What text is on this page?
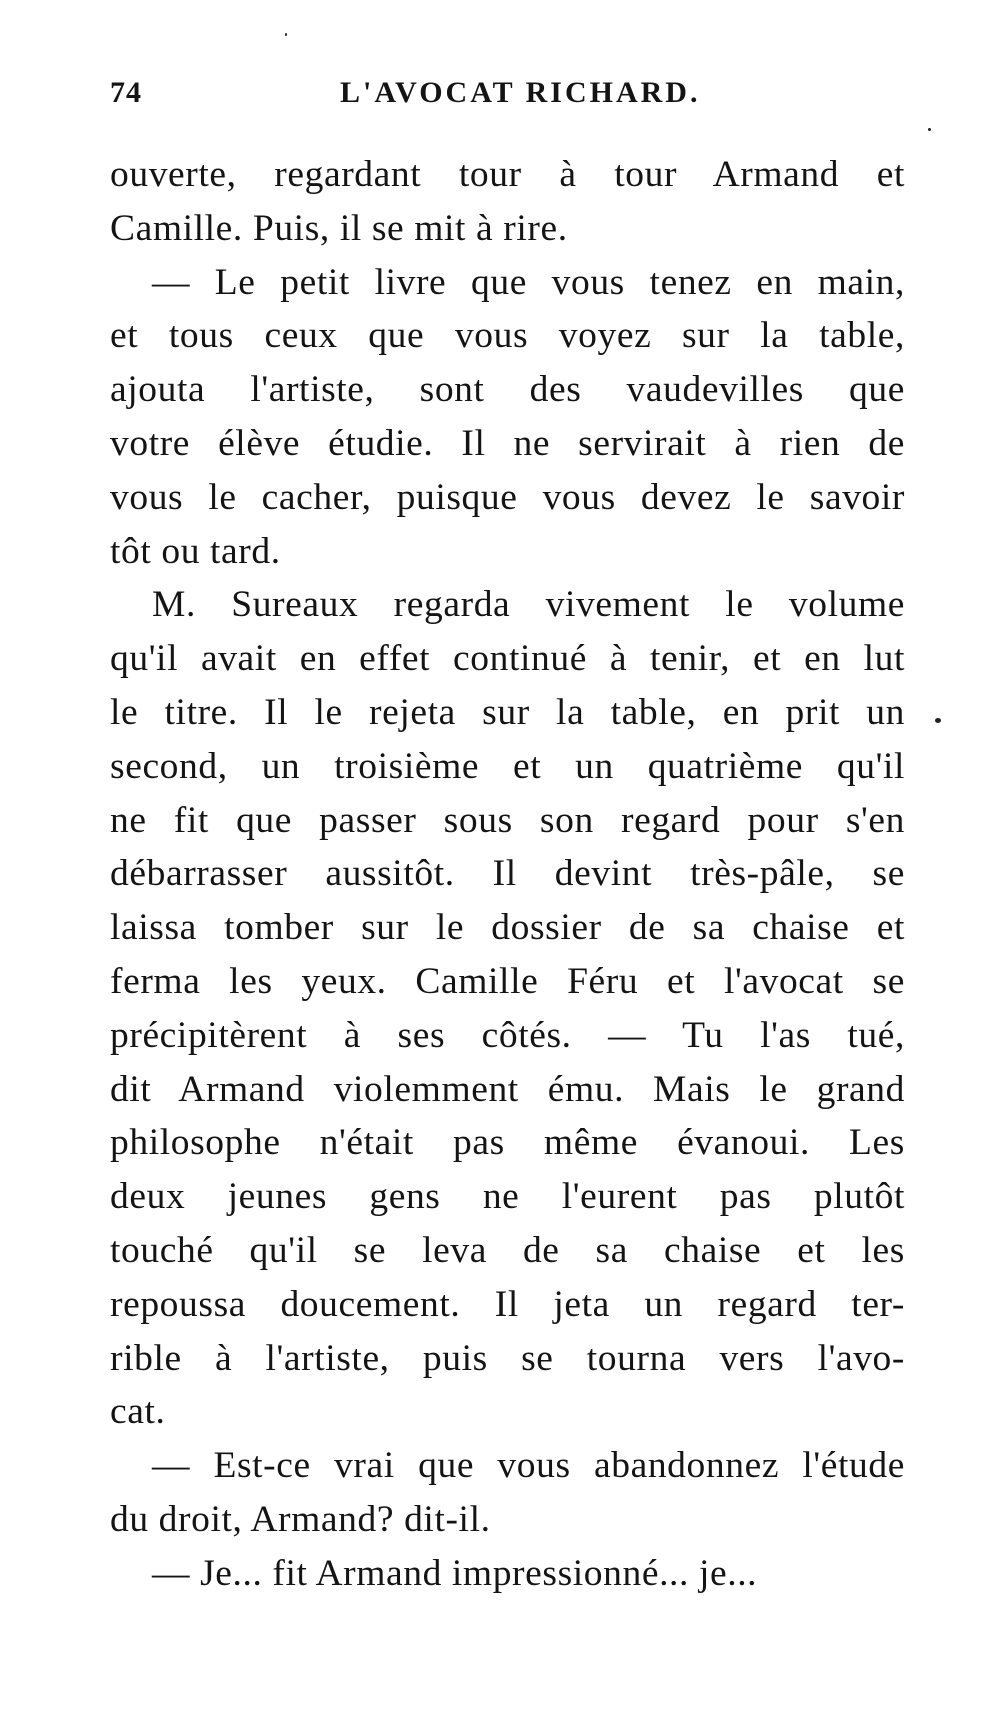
74	L'AVOCAT RICHARD.
ouverte, regardant tour à tour Armand et
Camille. Puis, il se mit à rire.
— Le petit livre que vous tenez en main,
et tous ceux que vous voyez sur la table,
ajouta l'artiste, sont des vaudevilles que
votre élève étudie. Il ne servirait à rien de
vous le cacher, puisque vous devez le savoir
tôt ou tard.
M. Sureaux regarda vivement le volume
qu'il avait en effet continué à tenir, et en lut
le titre. Il le rejeta sur la table, en prit un
second, un troisième et un quatrième qu'il
ne fit que passer sous son regard pour s'en
débarrasser aussitôt. Il devint très-pâle, se
laissa tomber sur le dossier de sa chaise et
ferma les yeux. Camille Féru et l'avocat se
précipitèrent à ses côtés. — Tu l'as tué,
dit Armand violemment ému. Mais le grand
philosophe n'était pas même évanoui. Les
deux jeunes gens ne l'eurent pas plutôt
touché qu'il se leva de sa chaise et les
repoussa doucement. Il jeta un regard ter-
rible à l'artiste, puis se tourna vers l'avo-
cat.
— Est-ce vrai que vous abandonnez l'étude
du droit, Armand? dit-il.
— Je... fit Armand impressionné... je...
